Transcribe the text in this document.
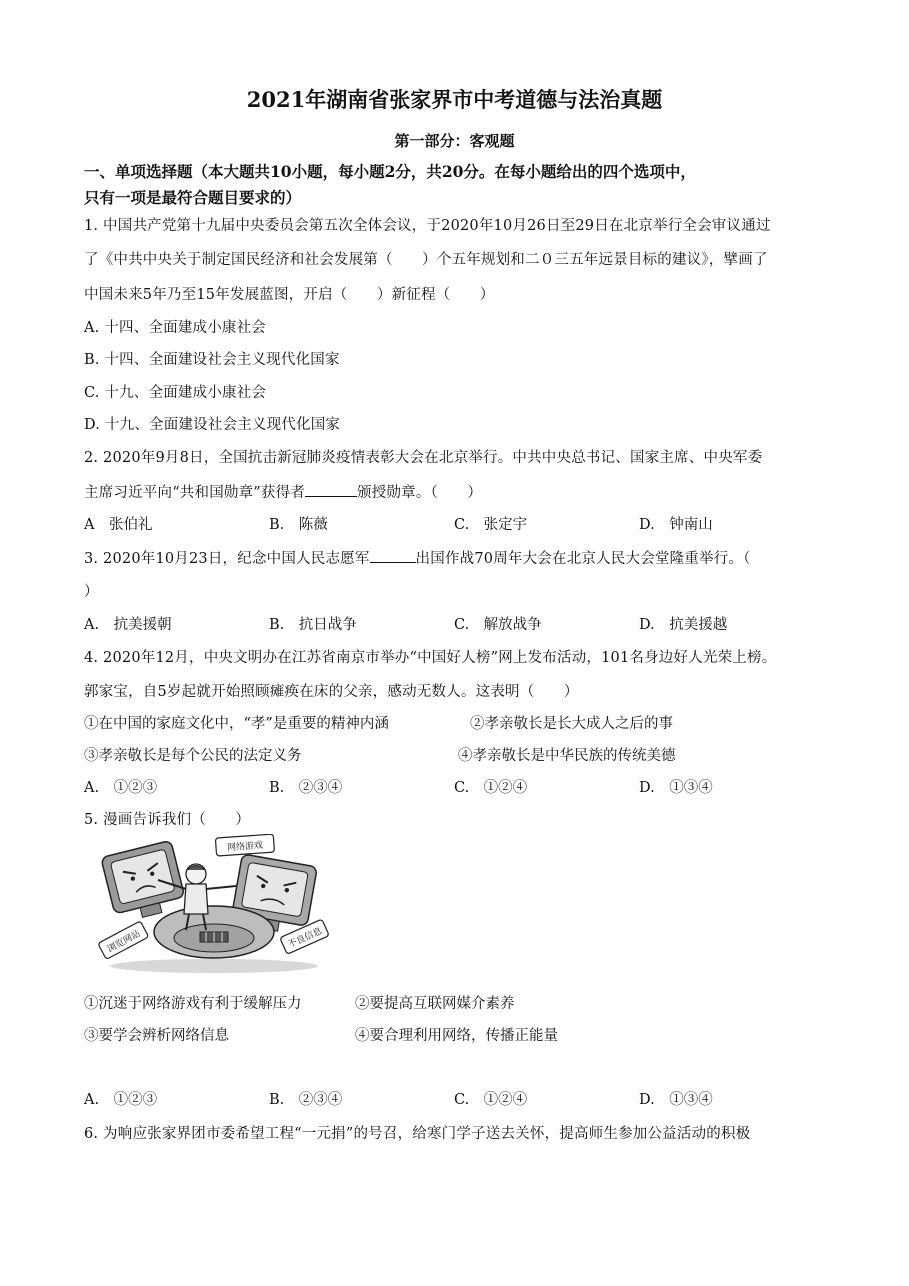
2021年湖南省张家界市中考道德与法治真题
第一部分：客观题
一、单项选择题（本大题共10小题，每小题2分，共20分。在每小题给出的四个选项中，
只有一项是最符合题目要求的）
1. 中国共产党第十九届中央委员会第五次全体会议，于2020年10月26日至29日在北京举行全会审议通过
了《中共中央关于制定国民经济和社会发展第（　　）个五年规划和二０三五年远景目标的建议》，擘画了
中国未来5年乃至15年发展蓝图，开启（　　）新征程（　　）
A. 十四、全面建成小康社会
B. 十四、全面建设社会主义现代化国家
C. 十九、全面建成小康社会
D. 十九、全面建设社会主义现代化国家
2. 2020年9月8日，全国抗击新冠肺炎疫情表彰大会在北京举行。中共中央总书记、国家主席、中央军委
主席习近平向“共和国勋章”获得者	颁授勋章。（　　）
A　张伯礼	B.　陈薇	C.　张定宇	D.　钟南山
3. 2020年10月23日，纪念中国人民志愿军	出国作战70周年大会在北京人民大会堂隆重举行。（
）
A.　抗美援朝	B.　抗日战争	C.　解放战争	D.　抗美援越
4. 2020年12月，中央文明办在江苏省南京市举办“中国好人榜”网上发布活动，101名身边好人光荣上榜。
郭家宝，自5岁起就开始照顾瘫痪在床的父亲，感动无数人。这表明（　　）
①在中国的家庭文化中，“孝”是重要的精神内涵	②孝亲敬长是长大成人之后的事
③孝亲敬长是每个公民的法定义务	④孝亲敬长是中华民族的传统美德
A.　①②③	B.　②③④	C.　①②④	D.　①③④
5. 漫画告诉我们（　　）
网络游戏
浏览网站	不良信息
①沉迷于网络游戏有利于缓解压力	②要提高互联网媒介素养
③要学会辨析网络信息	④要合理利用网络，传播正能量
A.　①②③	B.　②③④	C.　①②④	D.　①③④
6. 为响应张家界团市委希望工程“一元捐”的号召，给寒门学子送去关怀，提高师生参加公益活动的积极
